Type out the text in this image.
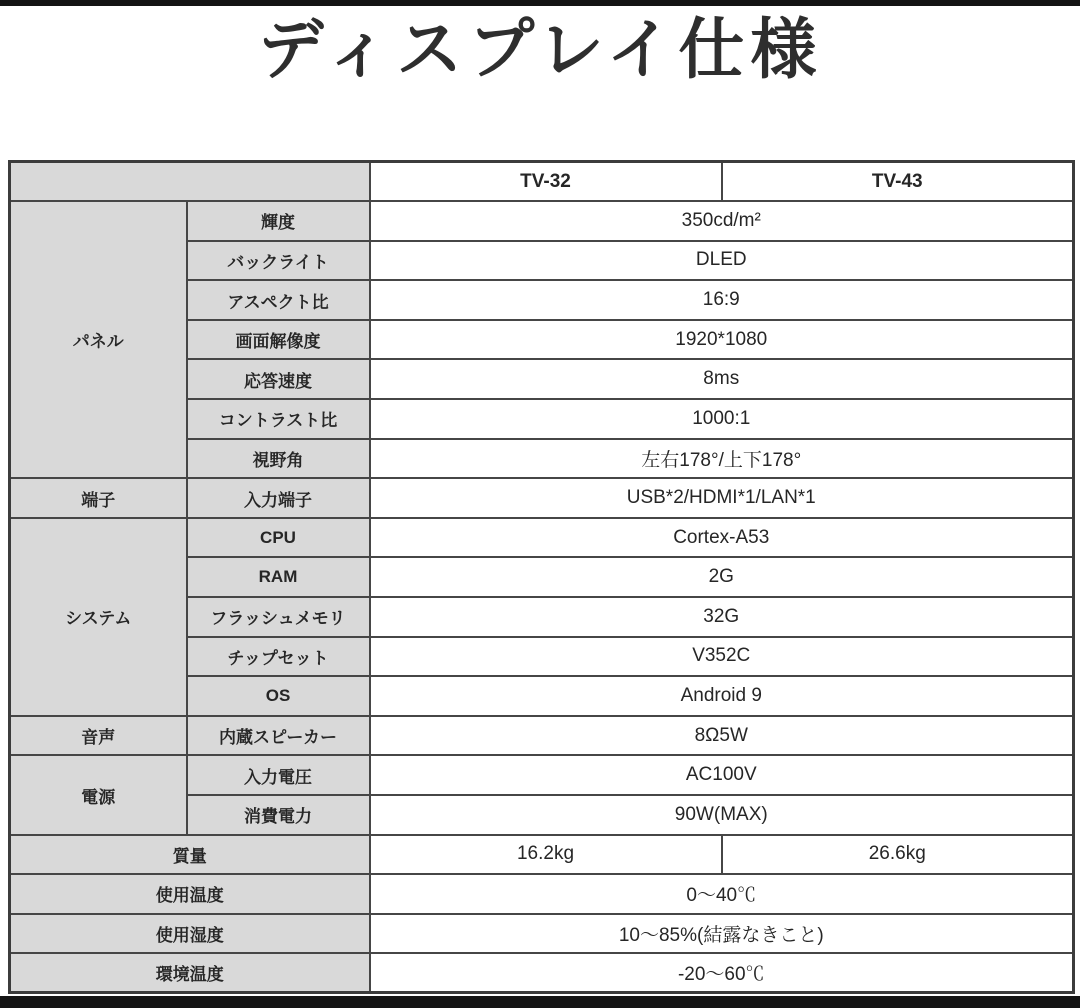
ディスプレイ仕様
		TV-32	TV-43
パネル	輝度	350cd/m²	
	バックライト	DLED	
	アスペクト比	16:9	
	画面解像度	1920*1080	
	応答速度	8ms	
	コントラスト比	1000:1	
	視野角	左右178°/上下178°	
端子	入力端子	USB*2/HDMI*1/LAN*1	
システム	CPU	Cortex-A53	
	RAM	2G	
	フラッシュメモリ	32G	
	チップセット	V352C	
	OS	Android 9	
音声	内蔵スピーカー	8Ω5W	
電源	入力電圧	AC100V	
	消費電力	90W(MAX)	
質量		16.2kg	26.6kg
使用温度		0～40℃	
使用湿度		10～85%(結露なきこと)	
環境温度		-20～60℃	
